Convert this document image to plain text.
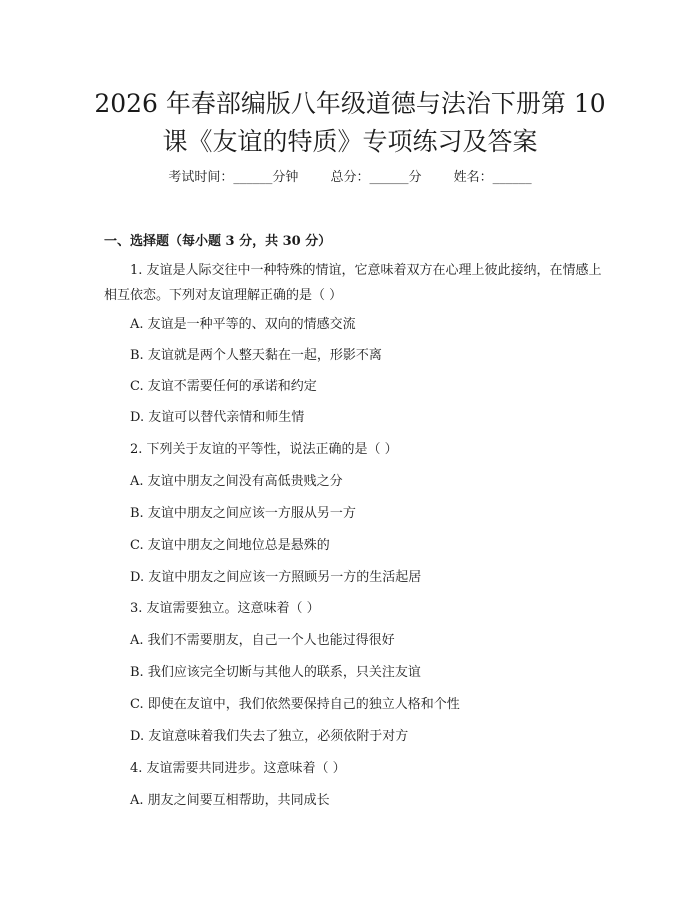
2026 年春部编版八年级道德与法治下册第 10
课《友谊的特质》专项练习及答案
考试时间：______分钟 总分：______分 姓名：______
一、选择题（每小题 3 分，共 30 分）
1. 友谊是人际交往中一种特殊的情谊，它意味着双方在心理上彼此接纳，在情感上相互依恋。下列对友谊理解正确的是（ ）
A. 友谊是一种平等的、双向的情感交流
B. 友谊就是两个人整天黏在一起，形影不离
C. 友谊不需要任何的承诺和约定
D. 友谊可以替代亲情和师生情
2. 下列关于友谊的平等性，说法正确的是（ ）
A. 友谊中朋友之间没有高低贵贱之分
B. 友谊中朋友之间应该一方服从另一方
C. 友谊中朋友之间地位总是悬殊的
D. 友谊中朋友之间应该一方照顾另一方的生活起居
3. 友谊需要独立。这意味着（ ）
A. 我们不需要朋友，自己一个人也能过得很好
B. 我们应该完全切断与其他人的联系，只关注友谊
C. 即使在友谊中，我们依然要保持自己的独立人格和个性
D. 友谊意味着我们失去了独立，必须依附于对方
4. 友谊需要共同进步。这意味着（ ）
A. 朋友之间要互相帮助，共同成长
